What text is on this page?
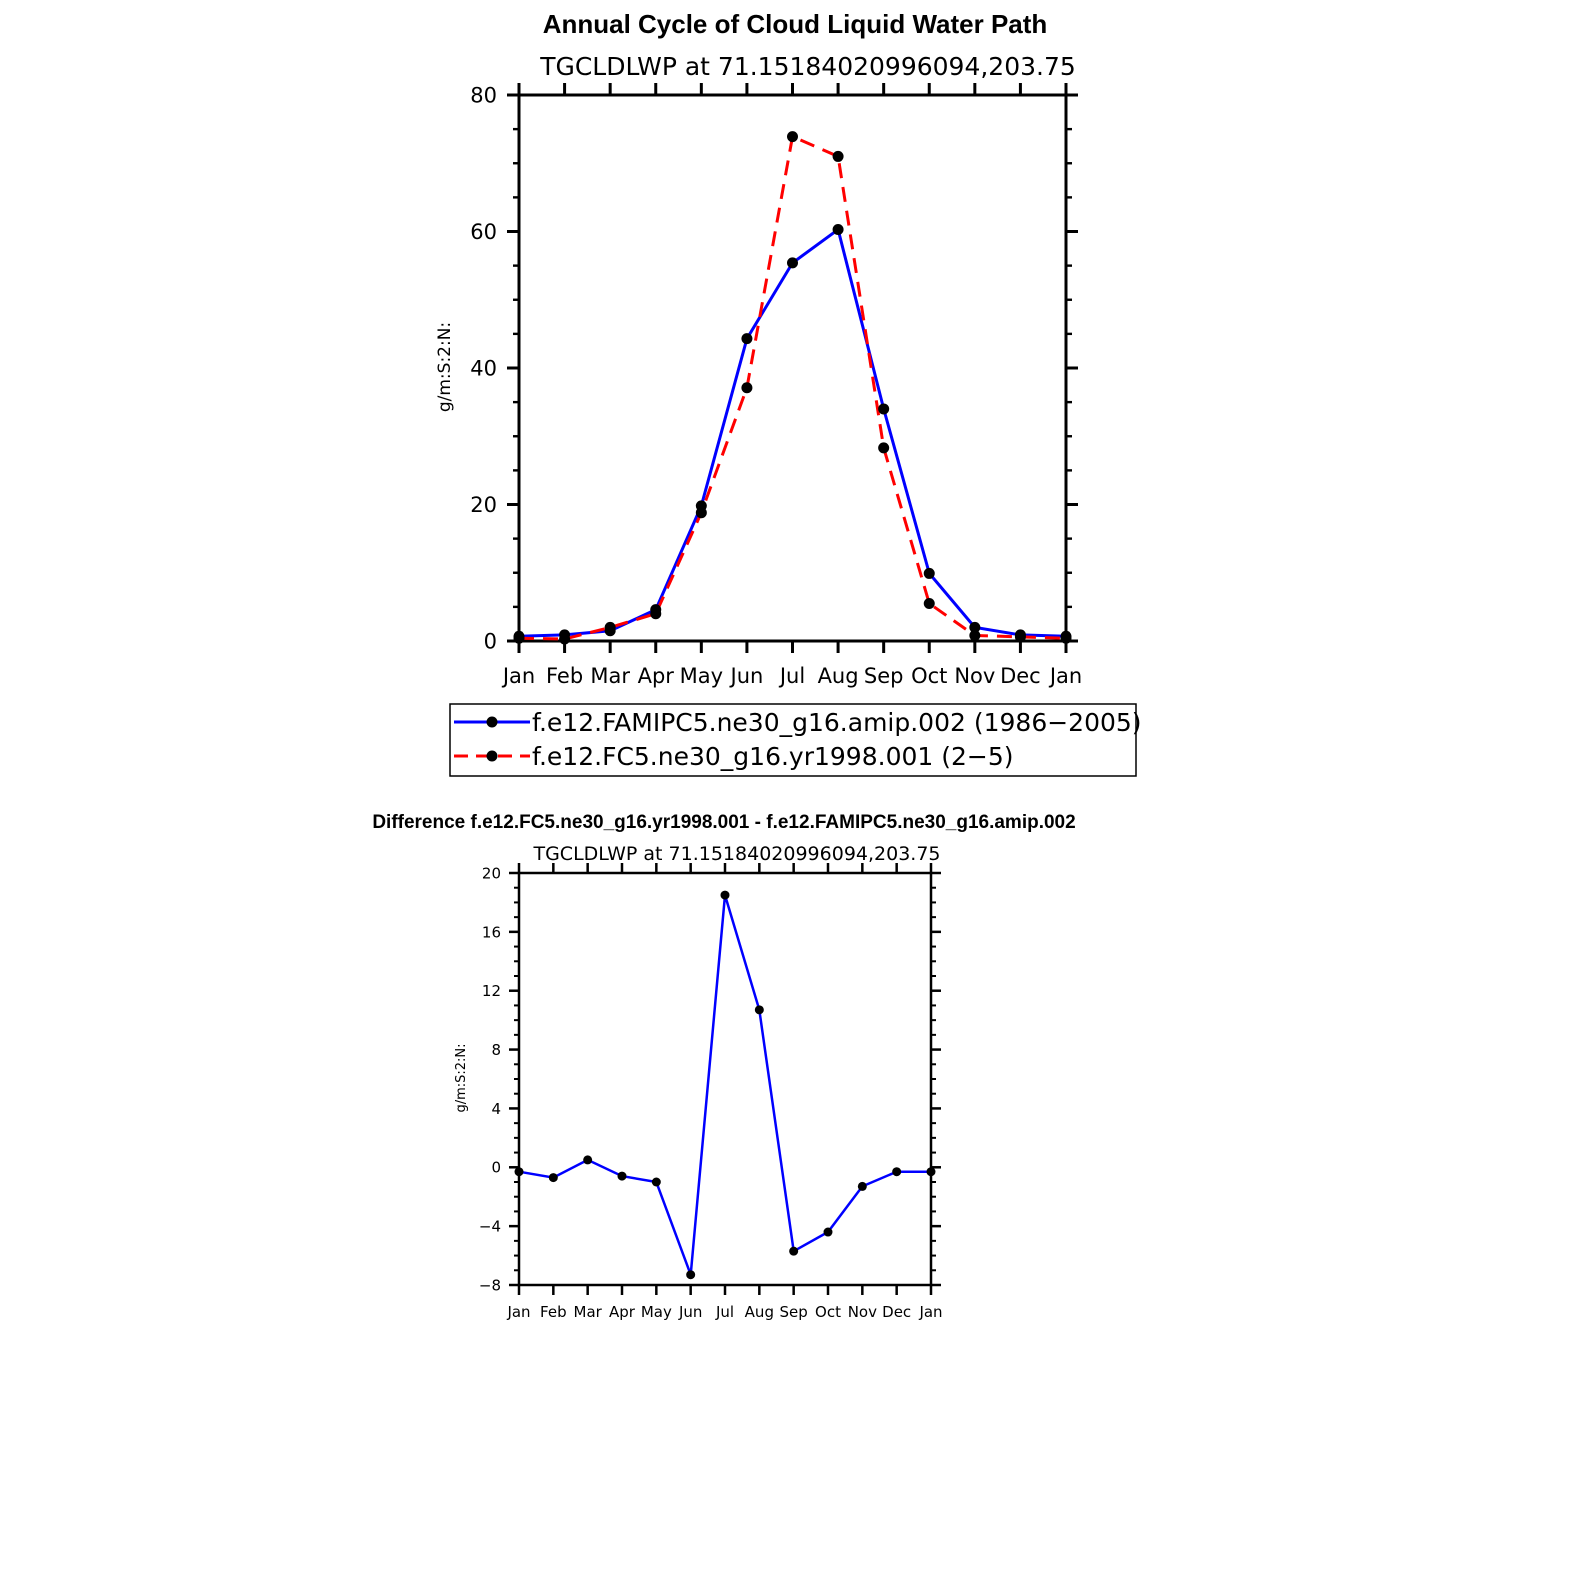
Annual Cycle of Cloud Liquid Water Path
TGCLDLWP at 71.15184020996094,203.75
g/m:S:2:N:
Jan Feb Mar Apr May Jun Jul Aug Sep Oct Nov Dec Jan
0
20
40
60
80
f.e12.FAMIPC5.ne30_g16.amip.002 (1986−2005)
f.e12.FC5.ne30_g16.yr1998.001 (2−5)
Difference f.e12.FC5.ne30_g16.yr1998.001 - f.e12.FAMIPC5.ne30_g16.amip.002
TGCLDLWP at 71.15184020996094,203.75
g/m:S:2:N:
Jan Feb Mar Apr May Jun Jul Aug Sep Oct Nov Dec Jan
−8
−4
0
4
8
12
16
20
